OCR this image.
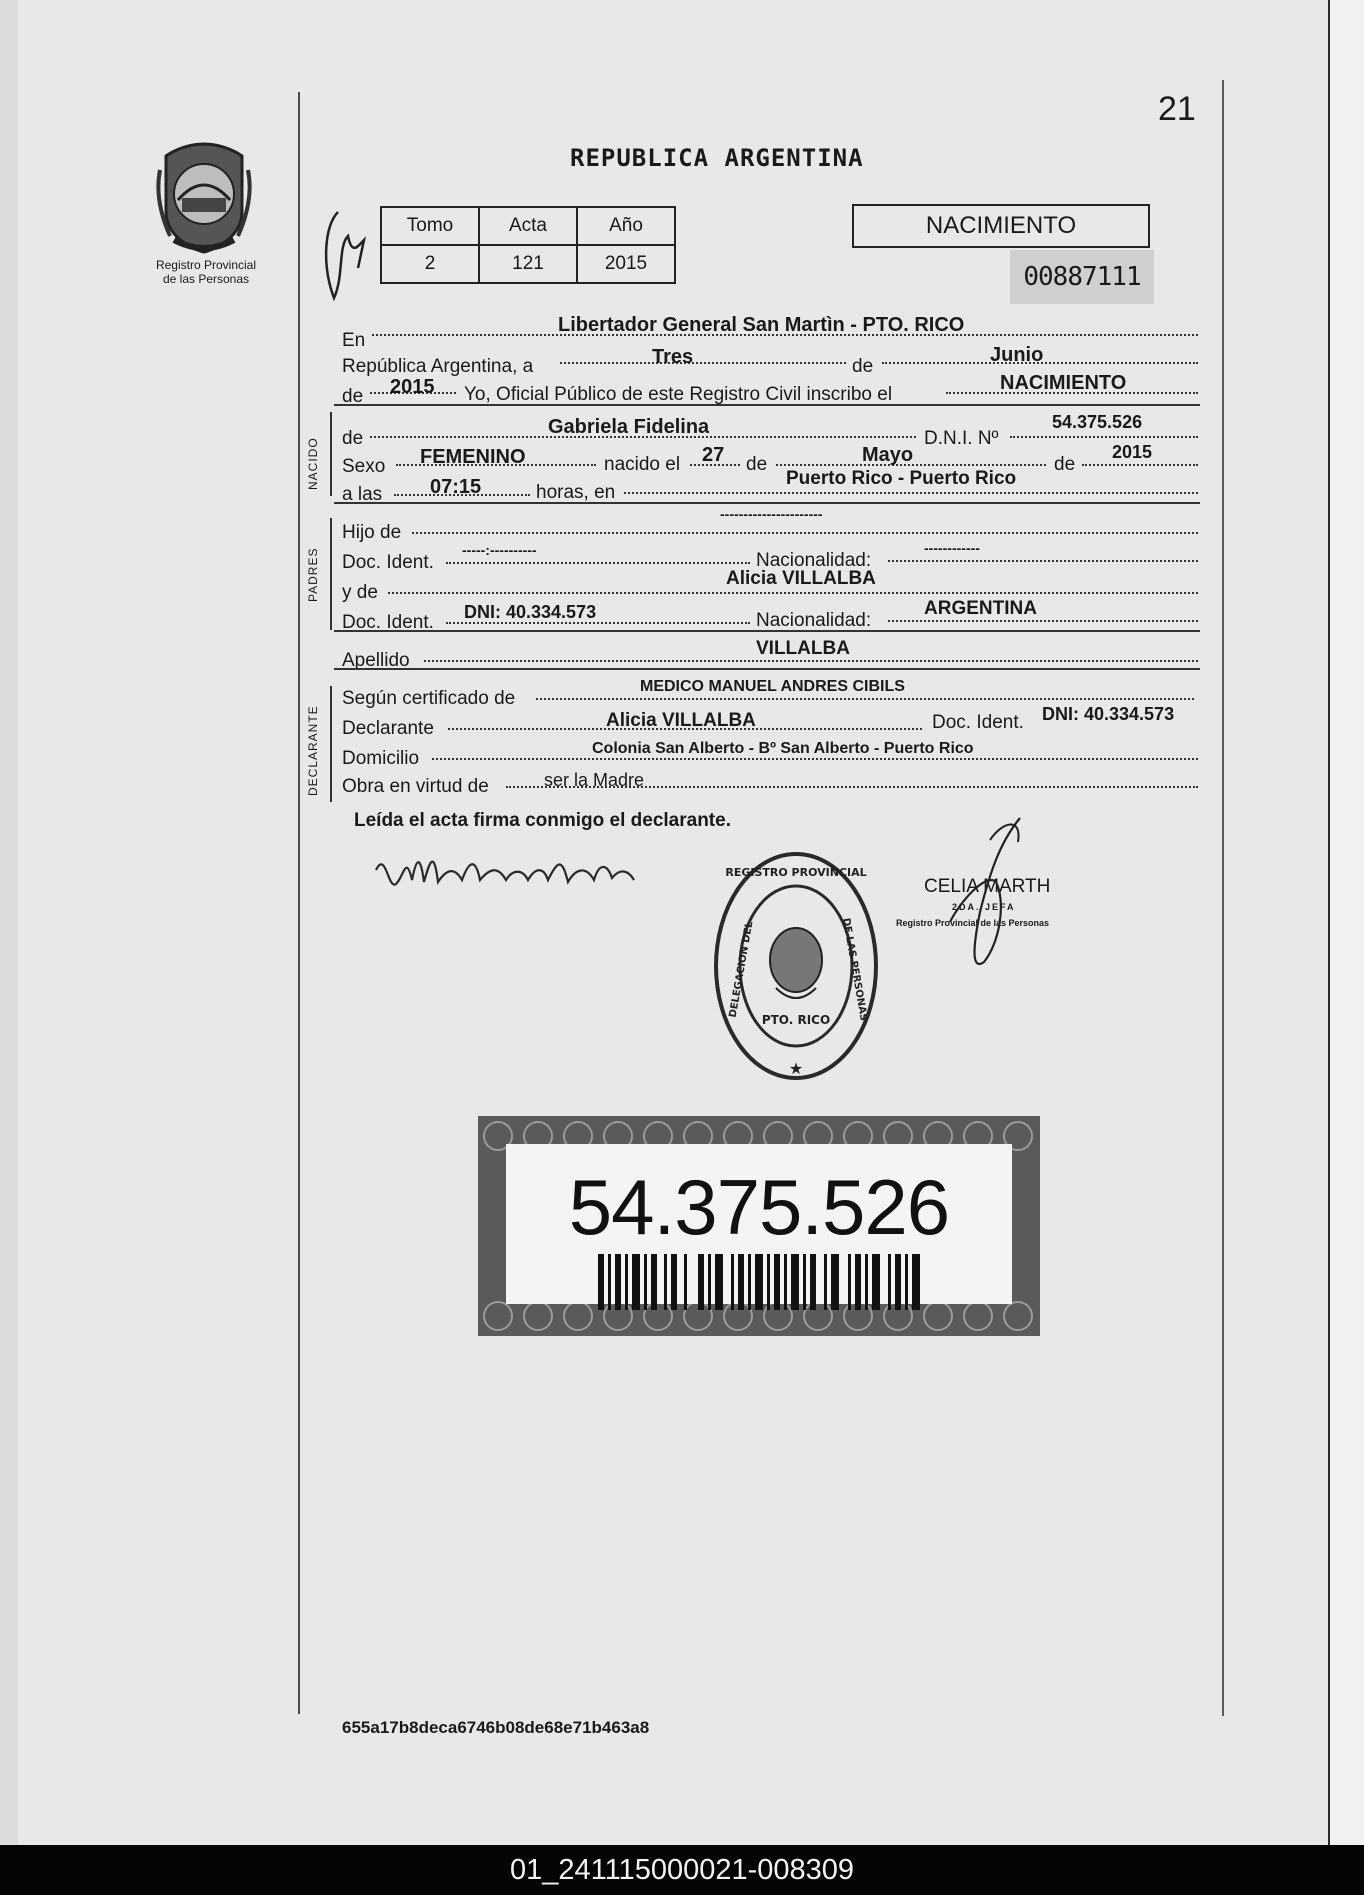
21
REPUBLICA ARGENTINA
Registro Provincial
de las Personas
Tomo	Acta	Año
2	121	2015
NACIMIENTO
00887111
En
Libertador General San Martìn - PTO. RICO
República Argentina, a	Tres	de
Junio
de 2015 Yo, Oficial Público de este Registro Civil inscribo el
NACIMIENTO
NACIDO de
Gabriela Fidelina
D.N.I. Nº
54.375.526
Sexo FEMENINO	nacido el 27 de	Mayo	de
2015
a las 07:15	horas, en
Puerto Rico - Puerto Rico
PADRES
Hijo de
----------------------
Doc. Ident.
-----:----------	Nacionalidad:
------------
y de
Alicia VILLALBA
Doc. Ident. DNI: 40.334.573	Nacionalidad:
ARGENTINA
Apellido
VILLALBA
DECLARANTE
Según certificado de
MEDICO MANUEL ANDRES CIBILS
Declarante	Alicia VILLALBA	Doc. Ident. DNI: 40.334.573
Domicilio	Colonia San Alberto - Bº San Alberto - Puerto Rico
Obra en virtud de	ser la Madre
Leída el acta firma conmigo el declarante.
REGISTRO PROVINCIAL
DELEGACION DEL	DE LAS PERSONAS
PTO. RICO
★
CELIA MARTH
2DA. JEFA
Registro Provincial de las Personas
54.375.526
655a17b8deca6746b08de68e71b463a8
01_241115000021-008309
